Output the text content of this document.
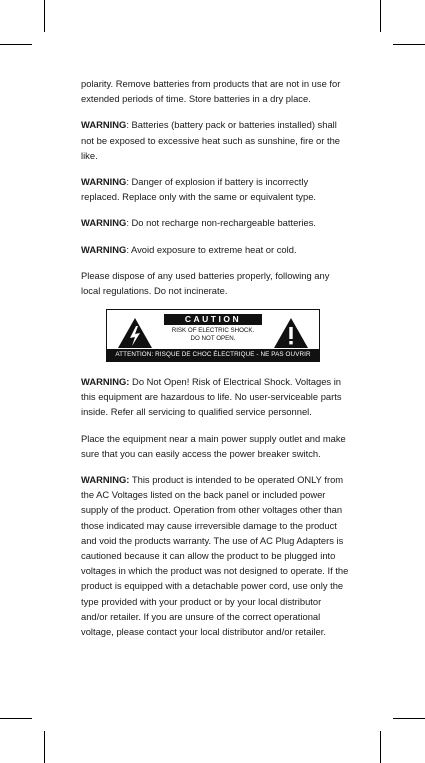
polarity. Remove batteries from products that are not in use for extended periods of time. Store batteries in a dry place.

WARNING: Batteries (battery pack or batteries installed) shall not be exposed to excessive heat such as sunshine, fire or the like.

WARNING: Danger of explosion if battery is incorrectly replaced. Replace only with the same or equivalent type.

WARNING: Do not recharge non-rechargeable batteries.

WARNING: Avoid exposure to extreme heat or cold.

Please dispose of any used batteries properly, following any local regulations. Do not incinerate.

CAUTION
RISK OF ELECTRIC SHOCK.
DO NOT OPEN.
ATTENTION: RISQUE DE CHOC ÉLECTRIQUE - NE PAS OUVRIR

WARNING: Do Not Open! Risk of Electrical Shock. Voltages in this equipment are hazardous to life. No user-serviceable parts inside. Refer all servicing to qualified service personnel.

Place the equipment near a main power supply outlet and make sure that you can easily access the power breaker switch.

WARNING: This product is intended to be operated ONLY from the AC Voltages listed on the back panel or included power supply of the product. Operation from other voltages other than those indicated may cause irreversible damage to the product and void the products warranty. The use of AC Plug Adapters is cautioned because it can allow the product to be plugged into voltages in which the product was not designed to operate. If the product is equipped with a detachable power cord, use only the type provided with your product or by your local distributor and/or retailer. If you are unsure of the correct operational voltage, please contact your local distributor and/or retailer.
